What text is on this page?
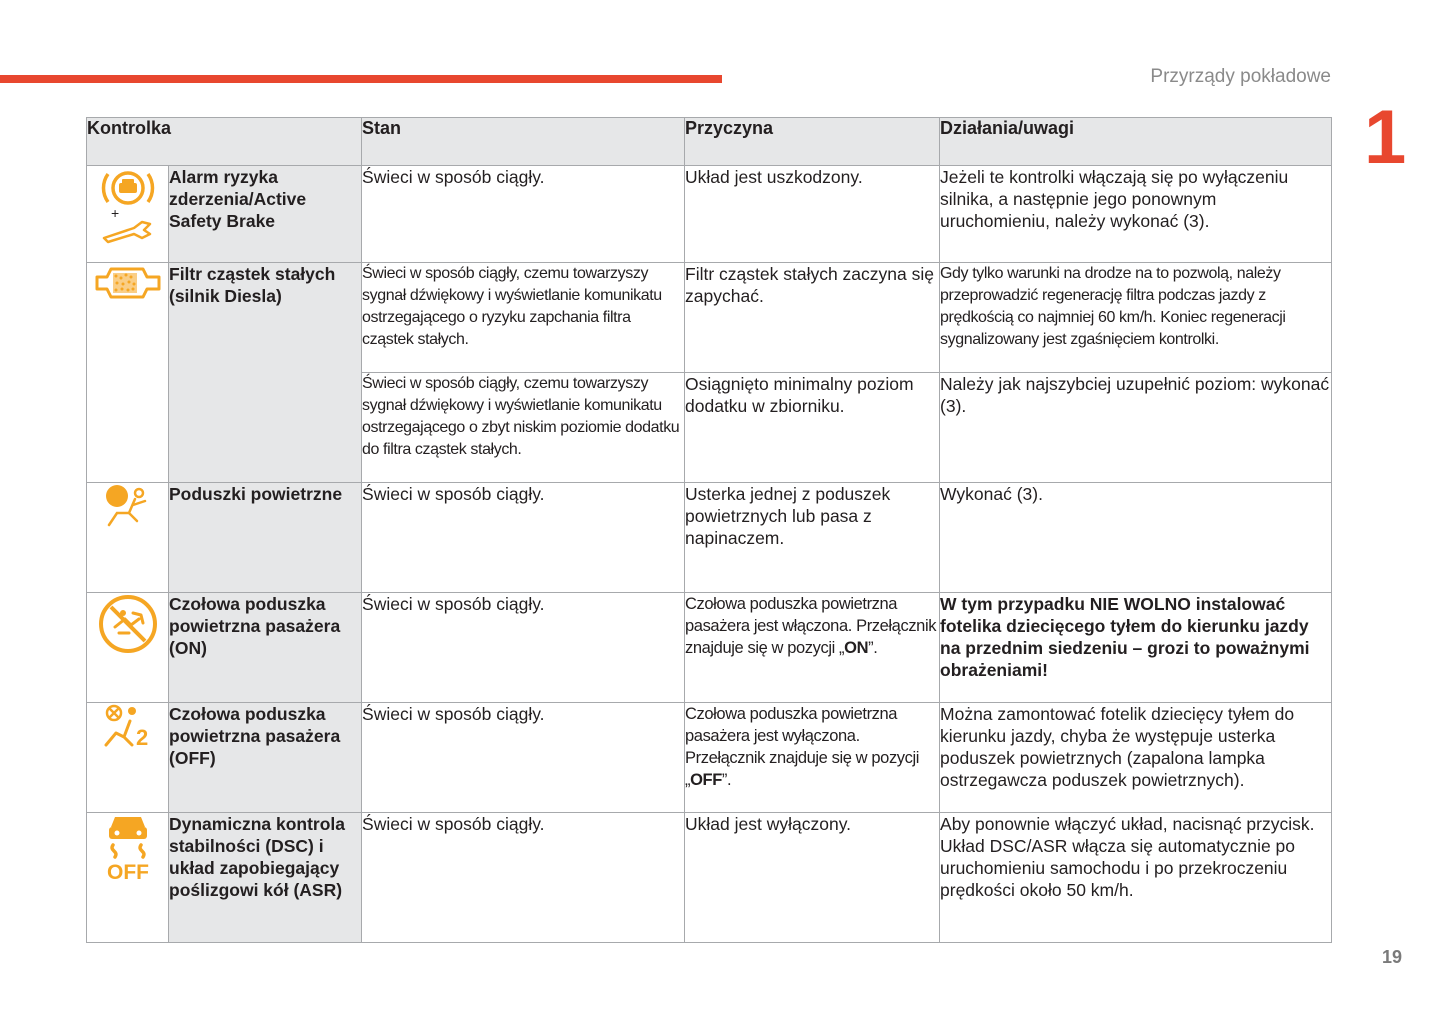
Przyrządy pokładowe
1
Kontrolka		Stan	Przyczyna	Działania/uwagi

+	Alarm ryzyka zderzenia/Active Safety Brake	Świeci w sposób ciągły.	Układ jest uszkodzony.	Jeżeli te kontrolki włączają się po wyłączeniu silnika, a następnie jego ponownym uruchomieniu, należy wykonać (3).

	Filtr cząstek stałych (silnik Diesla)	Świeci w sposób ciągły, czemu towarzyszy sygnał dźwiękowy i wyświetlanie komunikatu ostrzegającego o ryzyku zapchania filtra cząstek stałych.	Filtr cząstek stałych zaczyna się zapychać.	Gdy tylko warunki na drodze na to pozwolą, należy przeprowadzić regenerację filtra podczas jazdy z prędkością co najmniej 60 km/h. Koniec regeneracji sygnalizowany jest zgaśnięciem kontrolki.
		Świeci w sposób ciągły, czemu towarzyszy sygnał dźwiękowy i wyświetlanie komunikatu ostrzegającego o zbyt niskim poziomie dodatku do filtra cząstek stałych.	Osiągnięto minimalny poziom dodatku w zbiorniku.	Należy jak najszybciej uzupełnić poziom: wykonać (3).

	Poduszki powietrzne	Świeci w sposób ciągły.	Usterka jednej z poduszek powietrznych lub pasa z napinaczem.	Wykonać (3).

	Czołowa poduszka powietrzna pasażera (ON)	Świeci w sposób ciągły.	Czołowa poduszka powietrzna pasażera jest włączona. Przełącznik znajduje się w pozycji „ON”.	W tym przypadku NIE WOLNO instalować fotelika dziecięcego tyłem do kierunku jazdy na przednim siedzeniu – grozi to poważnymi obrażeniami!

2	Czołowa poduszka powietrzna pasażera (OFF)	Świeci w sposób ciągły.	Czołowa poduszka powietrzna pasażera jest wyłączona. Przełącznik znajduje się w pozycji „OFF”.	Można zamontować fotelik dziecięcy tyłem do kierunku jazdy, chyba że występuje usterka poduszek powietrznych (zapalona lampka ostrzegawcza poduszek powietrznych).

OFF	Dynamiczna kontrola stabilności (DSC) i układ zapobiegający poślizgowi kół (ASR)	Świeci w sposób ciągły.	Układ jest wyłączony.	Aby ponownie włączyć układ, nacisnąć przycisk.
Układ DSC/ASR włącza się automatycznie po uruchomieniu samochodu i po przekroczeniu prędkości około 50 km/h.
19
